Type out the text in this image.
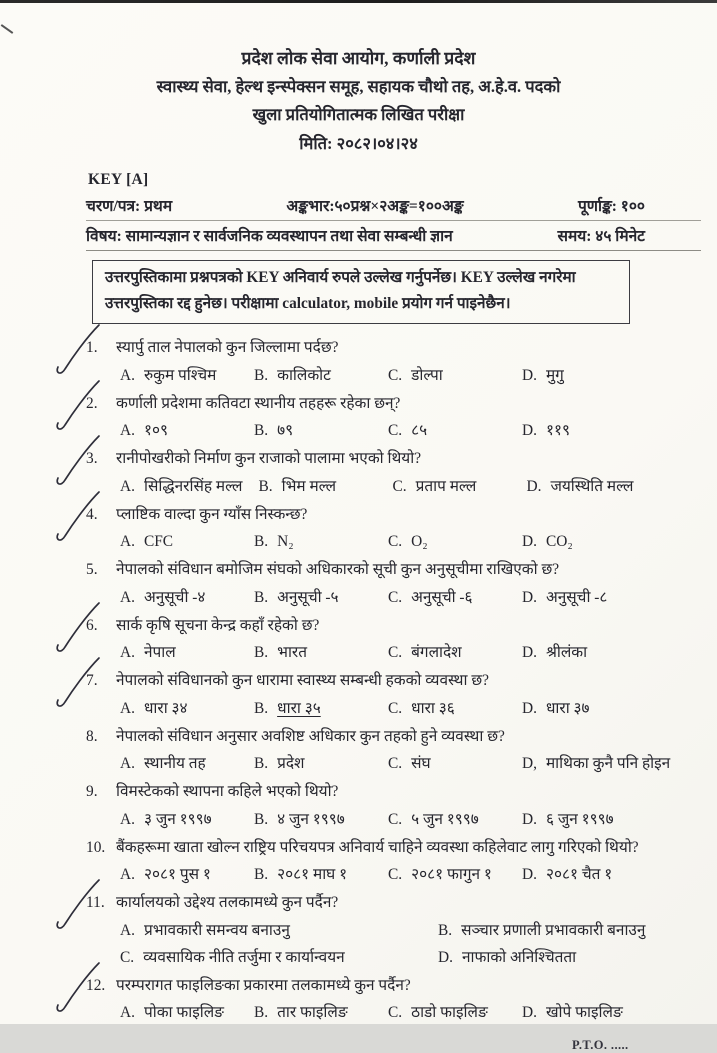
प्रदेश लोक सेवा आयोग, कर्णाली प्रदेश
स्वास्थ्य सेवा, हेल्थ इन्स्पेक्सन समूह, सहायक चौथो तह, अ.हे.व. पदको
खुला प्रतियोगितात्मक लिखित परीक्षा
मिति: २०८२।०४।२४
KEY [A]
चरण/पत्र: प्रथम	अङ्कभार:५०प्रश्न×२अङ्क=१००अङ्क	पूर्णाङ्क: १००
विषय: सामान्यज्ञान र सार्वजनिक व्यवस्थापन तथा सेवा सम्बन्धी ज्ञान	समय: ४५ मिनेट
उत्तरपुस्तिकामा प्रश्नपत्रको KEY अनिवार्य रुपले उल्लेख गर्नुपर्नेछ। KEY उल्लेख नगरेमा उत्तरपुस्तिका रद्द हुनेछ। परीक्षामा calculator, mobile प्रयोग गर्न पाइनेछैन।
1. स्यार्पु ताल नेपालको कुन जिल्लामा पर्दछ?
A. रुकुम पश्चिम	B. कालिकोट	C. डोल्पा	D. मुगु
2. कर्णाली प्रदेशमा कतिवटा स्थानीय तहहरू रहेका छन्?
A. १०९	B. ७९	C. ८५	D. ११९
3. रानीपोखरीको निर्माण कुन राजाको पालामा भएको थियो?
A. सिद्धिनरसिंह मल्ल B. भिम मल्ल	C. प्रताप मल्ल	D. जयस्थिति मल्ल
4. प्लाष्टिक वाल्दा कुन ग्याँस निस्कन्छ?
A. CFC	B. N₂	C. O₂	D. CO₂
5. नेपालको संविधान बमोजिम संघको अधिकारको सूची कुन अनुसूचीमा राखिएको छ?
A. अनुसूची -४	B. अनुसूची -५	C. अनुसूची -६	D. अनुसूची -८
6. सार्क कृषि सूचना केन्द्र कहाँ रहेको छ?
A. नेपाल	B. भारत	C. बंगलादेश	D. श्रीलंका
7. नेपालको संविधानको कुन धारामा स्वास्थ्य सम्बन्धी हकको व्यवस्था छ?
A. धारा ३४	B. धारा ३५	C. धारा ३६	D. धारा ३७
8. नेपालको संविधान अनुसार अवशिष्ट अधिकार कुन तहको हुने व्यवस्था छ?
A. स्थानीय तह	B. प्रदेश	C. संघ	D, माथिका कुनै पनि होइन
9. विमस्टेकको स्थापना कहिले भएको थियो?
A. ३ जुन १९९७	B. ४ जुन १९९७	C. ५ जुन १९९७	D. ६ जुन १९९७
10. बैंकहरूमा खाता खोल्न राष्ट्रिय परिचयपत्र अनिवार्य चाहिने व्यवस्था कहिलेवाट लागु गरिएको थियो?
A. २०८१ पुस १	B. २०८१ माघ १	C. २०८१ फागुन १	D. २०८१ चैत १
11. कार्यालयको उद्देश्य तलकामध्ये कुन पर्दैन?
A. प्रभावकारी समन्वय बनाउनु	B. सञ्चार प्रणाली प्रभावकारी बनाउनु
C. व्यवसायिक नीति तर्जुमा र कार्यान्वयन	D. नाफाको अनिश्चितता
12. परम्परागत फाइलिङका प्रकारमा तलकामध्ये कुन पर्दैन?
A. पोका फाइलिङ	B. तार फाइलिङ	C. ठाडो फाइलिङ	D. खोपे फाइलिङ
P.T.O. .....
